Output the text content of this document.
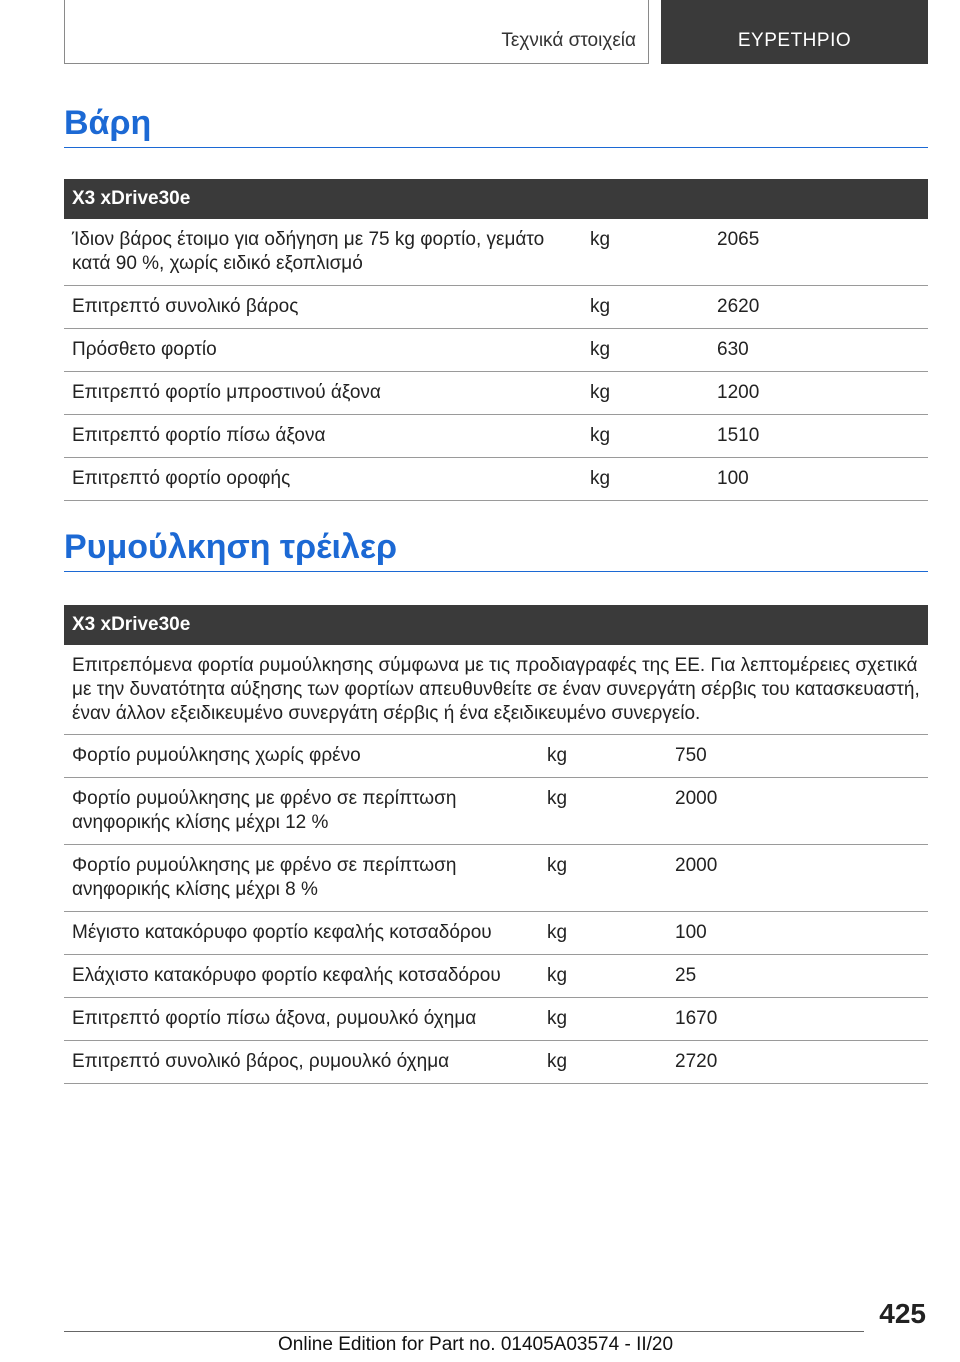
Τεχνικά στοιχεία	ΕΥΡΕΤΗΡΙΟ
Βάρη
X3 xDrive30e		
Ίδιον βάρος έτοιμο για οδήγηση με 75 kg φορτίο, γεμάτο κατά 90 %, χωρίς ειδικό εξοπλισμό	kg	2065
Επιτρεπτό συνολικό βάρος	kg	2620
Πρόσθετο φορτίο	kg	630
Επιτρεπτό φορτίο μπροστινού άξονα	kg	1200
Επιτρεπτό φορτίο πίσω άξονα	kg	1510
Επιτρεπτό φορτίο οροφής	kg	100
Ρυμούλκηση τρέιλερ
X3 xDrive30e		
Επιτρεπόμενα φορτία ρυμούλκησης σύμφωνα με τις προδιαγραφές της ΕΕ. Για λεπτομέρειες σχετικά με την δυνατότητα αύξησης των φορτίων απευθυνθείτε σε έναν συνεργάτη σέρβις του κατασκευαστή, έναν άλλον εξειδικευμένο συνεργάτη σέρβις ή ένα εξειδικευμένο συνεργείο.		
Φορτίο ρυμούλκησης χωρίς φρένο	kg	750
Φορτίο ρυμούλκησης με φρένο σε περίπτωση ανηφορικής κλίσης μέχρι 12 %	kg	2000
Φορτίο ρυμούλκησης με φρένο σε περίπτωση ανηφορικής κλίσης μέχρι 8 %	kg	2000
Μέγιστο κατακόρυφο φορτίο κεφαλής κοτσαδόρου	kg	100
Ελάχιστο κατακόρυφο φορτίο κεφαλής κοτσαδόρου	kg	25
Επιτρεπτό φορτίο πίσω άξονα, ρυμουλκό όχημα	kg	1670
Επιτρεπτό συνολικό βάρος, ρυμουλκό όχημα	kg	2720
425
Online Edition for Part no. 01405A03574 - II/20
